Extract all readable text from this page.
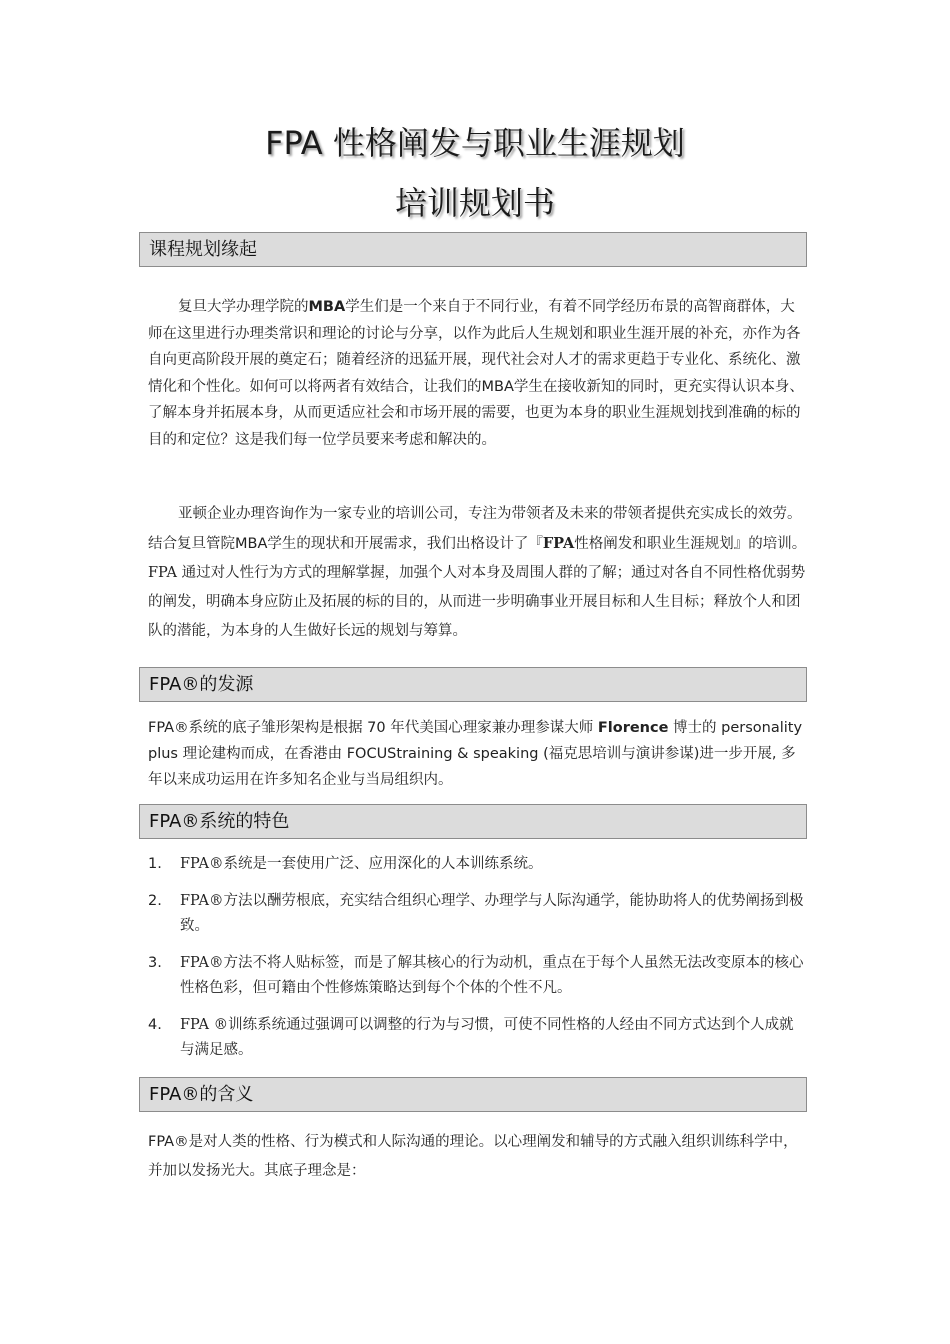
FPA 性格阐发与职业生涯规划
培训规划书
课程规划缘起
复旦大学办理学院的MBA学生们是一个来自于不同行业，有着不同学经历布景的高智商群体，大师在这里进行办理类常识和理论的讨论与分享，以作为此后人生规划和职业生涯开展的补充，亦作为各自向更高阶段开展的奠定石；随着经济的迅猛开展，现代社会对人才的需求更趋于专业化、系统化、激情化和个性化。如何可以将两者有效结合，让我们的MBA学生在接收新知的同时，更充实得认识本身、了解本身并拓展本身，从而更适应社会和市场开展的需要，也更为本身的职业生涯规划找到准确的标的目的和定位？这是我们每一位学员要来考虑和解决的。
亚顿企业办理咨询作为一家专业的培训公司，专注为带领者及未来的带领者提供充实成长的效劳。结合复旦管院MBA学生的现状和开展需求，我们出格设计了『FPA性格阐发和职业生涯规划』的培训。FPA 通过对人性行为方式的理解掌握，加强个人对本身及周围人群的了解；通过对各自不同性格优弱势的阐发，明确本身应防止及拓展的标的目的，从而进一步明确事业开展目标和人生目标；释放个人和团队的潜能，为本身的人生做好长远的规划与筹算。
FPA®的发源
FPA®系统的底子雏形架构是根据 70 年代美国心理家兼办理参谋大师 Florence 博士的 personality plus 理论建构而成，在香港由 FOCUStraining & speaking (福克思培训与演讲参谋)进一步开展, 多年以来成功运用在许多知名企业与当局组织内。
FPA®系统的特色
1. FPA®系统是一套使用广泛、应用深化的人本训练系统。
2. FPA®方法以酬劳根底，充实结合组织心理学、办理学与人际沟通学，能协助将人的优势阐扬到极致。
3. FPA®方法不将人贴标签，而是了解其核心的行为动机，重点在于每个人虽然无法改变原本的核心性格色彩，但可籍由个性修炼策略达到每个个体的个性不凡。
4. FPA ®训练系统通过强调可以调整的行为与习惯，可使不同性格的人经由不同方式达到个人成就与满足感。
FPA®的含义
FPA®是对人类的性格、行为模式和人际沟通的理论。以心理阐发和辅导的方式融入组织训练科学中，并加以发扬光大。其底子理念是：
